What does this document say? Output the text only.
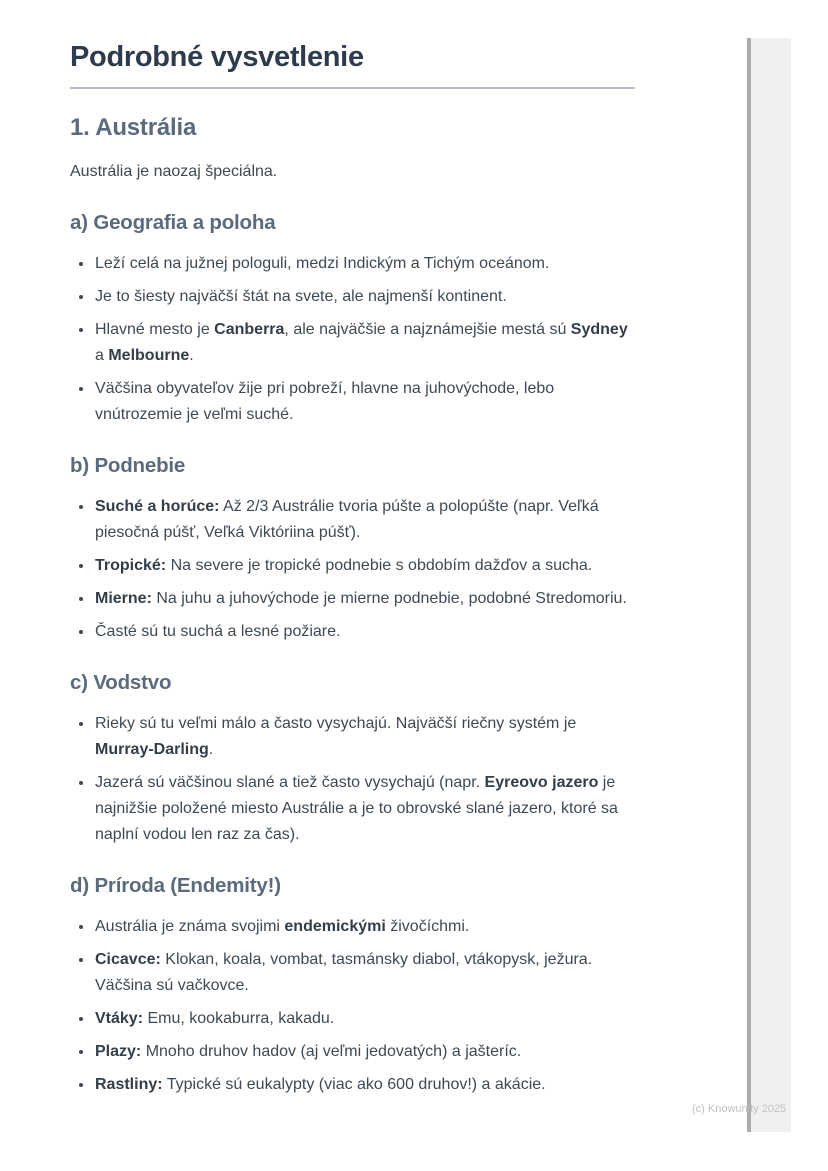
Podrobné vysvetlenie
1. Austrália

Austrália je naozaj špeciálna.

a) Geografia a poloha
• Leží celá na južnej pologuli, medzi Indickým a Tichým oceánom.
• Je to šiesty najväčší štát na svete, ale najmenší kontinent.
• Hlavné mesto je Canberra, ale najväčšie a najznámejšie mestá sú Sydney a Melbourne.
• Väčšina obyvateľov žije pri pobreží, hlavne na juhovýchode, lebo vnútrozemie je veľmi suché.
b) Podnebie
• Suché a horúce: Až 2/3 Austrálie tvoria púšte a polopúšte (napr. Veľká piesočná púšť, Veľká Viktóriina púšť).
• Tropické: Na severe je tropické podnebie s obdobím dažďov a sucha.
• Mierne: Na juhu a juhovýchode je mierne podnebie, podobné Stredomoriu.
• Časté sú tu suchá a lesné požiare.
c) Vodstvo
• Rieky sú tu veľmi málo a často vysychajú. Najväčší riečny systém je Murray-Darling.
• Jazerá sú väčšinou slané a tiež často vysychajú (napr. Eyreovo jazero je najnižšie položené miesto Austrálie a je to obrovské slané jazero, ktoré sa naplní vodou len raz za čas).
d) Príroda (Endemity!)
• Austrália je známa svojimi endemickými živočíchmi.
• Cicavce: Klokan, koala, vombat, tasmánsky diabol, vtákopysk, ježura. Väčšina sú vačkovce.
• Vtáky: Emu, kookaburra, kakadu.
• Plazy: Mnoho druhov hadov (aj veľmi jedovatých) a jašteríc.
• Rastliny: Typické sú eukalypty (viac ako 600 druhov!) a akácie.
(c) Knowunity 2025
